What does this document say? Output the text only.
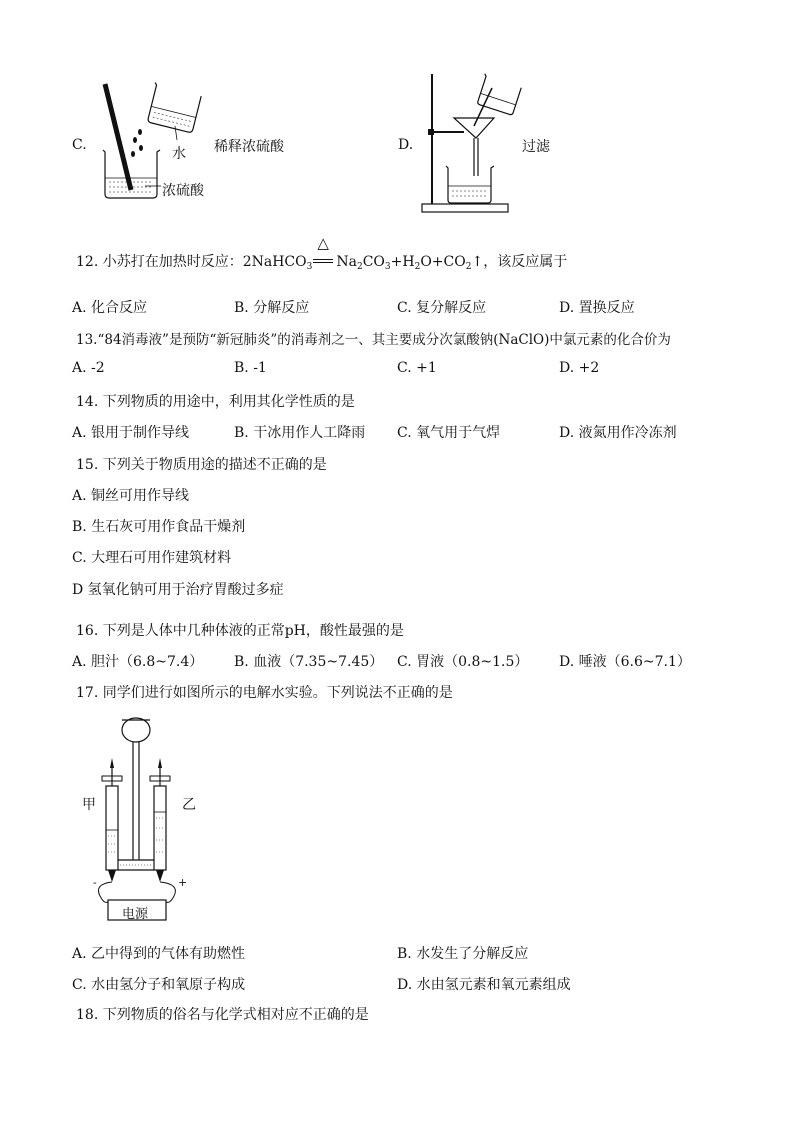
C.
水
浓硫酸
稀释浓硫酸	D.	过滤
12. 小苏打在加热时反应：2NaHCO$_3$
△
$Na_2CO_3+H_2O+CO_2↑$，该反应属于
A. 化合反应	B. 分解反应	C. 复分解反应	D. 置换反应
13.“84消毒液”是预防“新冠肺炎”的消毒剂之一、其主要成分次氯酸钠(NaClO)中氯元素的化合价为
A. -2	B. -1	C. +1	D. +2
14. 下列物质的用途中，利用其化学性质的是
A. 银用于制作导线	B. 干冰用作人工降雨 C. 氧气用于气焊	D. 液氮用作冷冻剂
15. 下列关于物质用途的描述不正确的是
A. 铜丝可用作导线
B. 生石灰可用作食品干燥剂
C. 大理石可用作建筑材料
D 氢氧化钠可用于治疗胃酸过多症
16. 下列是人体中几种体液的正常pH，酸性最强的是
A. 胆汁（6.8~7.4） B. 血液（7.35~7.45） C. 胃液（0.8~1.5） D. 唾液（6.6~7.1）
17. 同学们进行如图所示的电解水实验。下列说法不正确的是
甲	乙
-	+
电源
A. 乙中得到的气体有助燃性	B. 水发生了分解反应
C. 水由氢分子和氧原子构成	D. 水由氢元素和氧元素组成
18. 下列物质的俗名与化学式相对应不正确的是
